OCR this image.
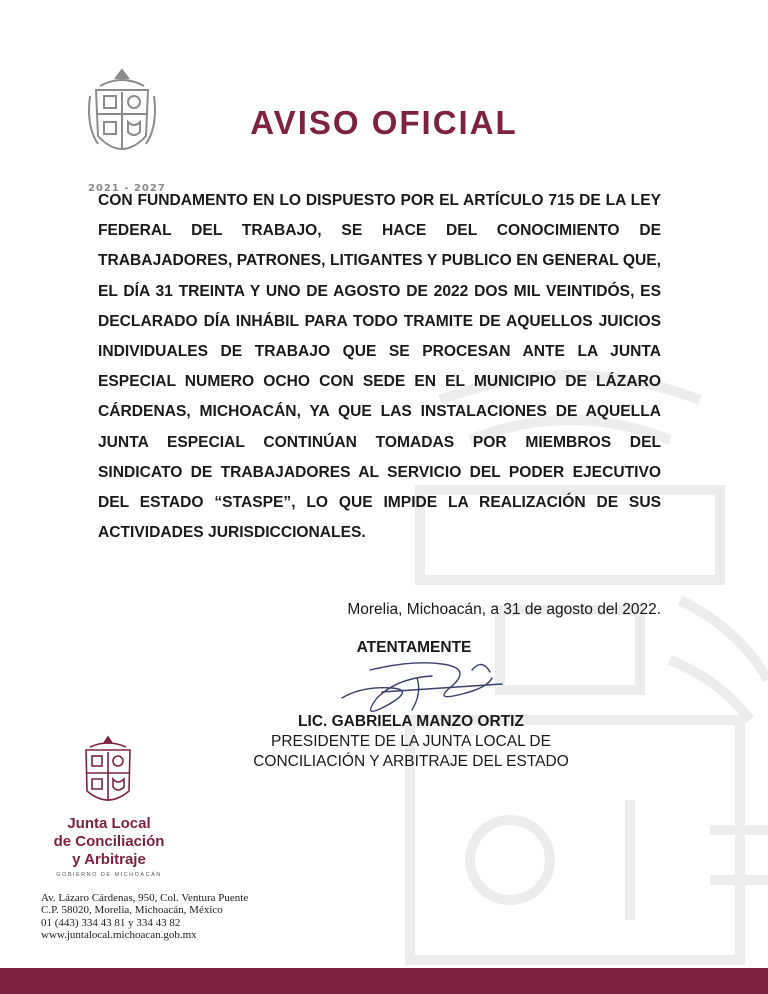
2021 - 2027
AVISO OFICIAL

CON FUNDAMENTO EN LO DISPUESTO POR EL ARTÍCULO 715 DE LA LEY FEDERAL DEL TRABAJO, SE HACE DEL CONOCIMIENTO DE TRABAJADORES, PATRONES, LITIGANTES Y PUBLICO EN GENERAL QUE, EL DÍA 31 TREINTA Y UNO DE AGOSTO DE 2022 DOS MIL VEINTIDÓS, ES DECLARADO DÍA INHÁBIL PARA TODO TRAMITE DE AQUELLOS JUICIOS INDIVIDUALES DE TRABAJO QUE SE PROCESAN ANTE LA JUNTA ESPECIAL NUMERO OCHO CON SEDE EN EL MUNICIPIO DE LÁZARO CÁRDENAS, MICHOACÁN, YA QUE LAS INSTALACIONES DE AQUELLA JUNTA ESPECIAL CONTINÚAN TOMADAS POR MIEMBROS DEL SINDICATO DE TRABAJADORES AL SERVICIO DEL PODER EJECUTIVO DEL ESTADO “STASPE”, LO QUE IMPIDE LA REALIZACIÓN DE SUS ACTIVIDADES JURISDICCIONALES.

Morelia, Michoacán, a 31 de agosto del 2022.
ATENTAMENTE
LIC. GABRIELA MANZO ORTIZ
PRESIDENTE DE LA JUNTA LOCAL DE
CONCILIACIÓN Y ARBITRAJE DEL ESTADO
Junta Local
de Conciliación
y Arbitraje
GOBIERNO DE MICHOACÁN
Av. Lázaro Cárdenas, 950, Col. Ventura Puente
C.P. 58020, Morelia, Michoacán, México
01 (443) 334 43 81 y 334 43 82
www.juntalocal.michoacan.gob.mx
